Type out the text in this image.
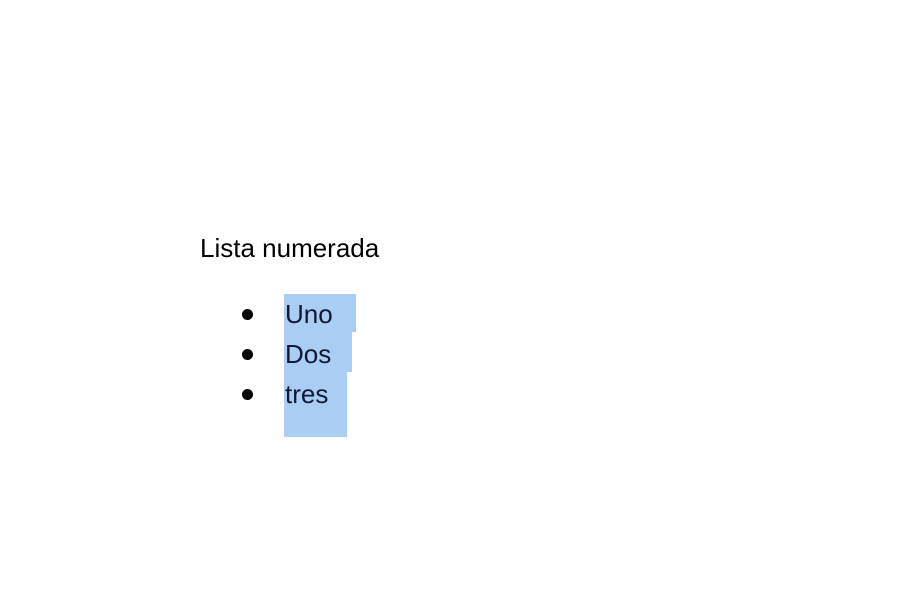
Lista numerada

Uno
Dos
tres
